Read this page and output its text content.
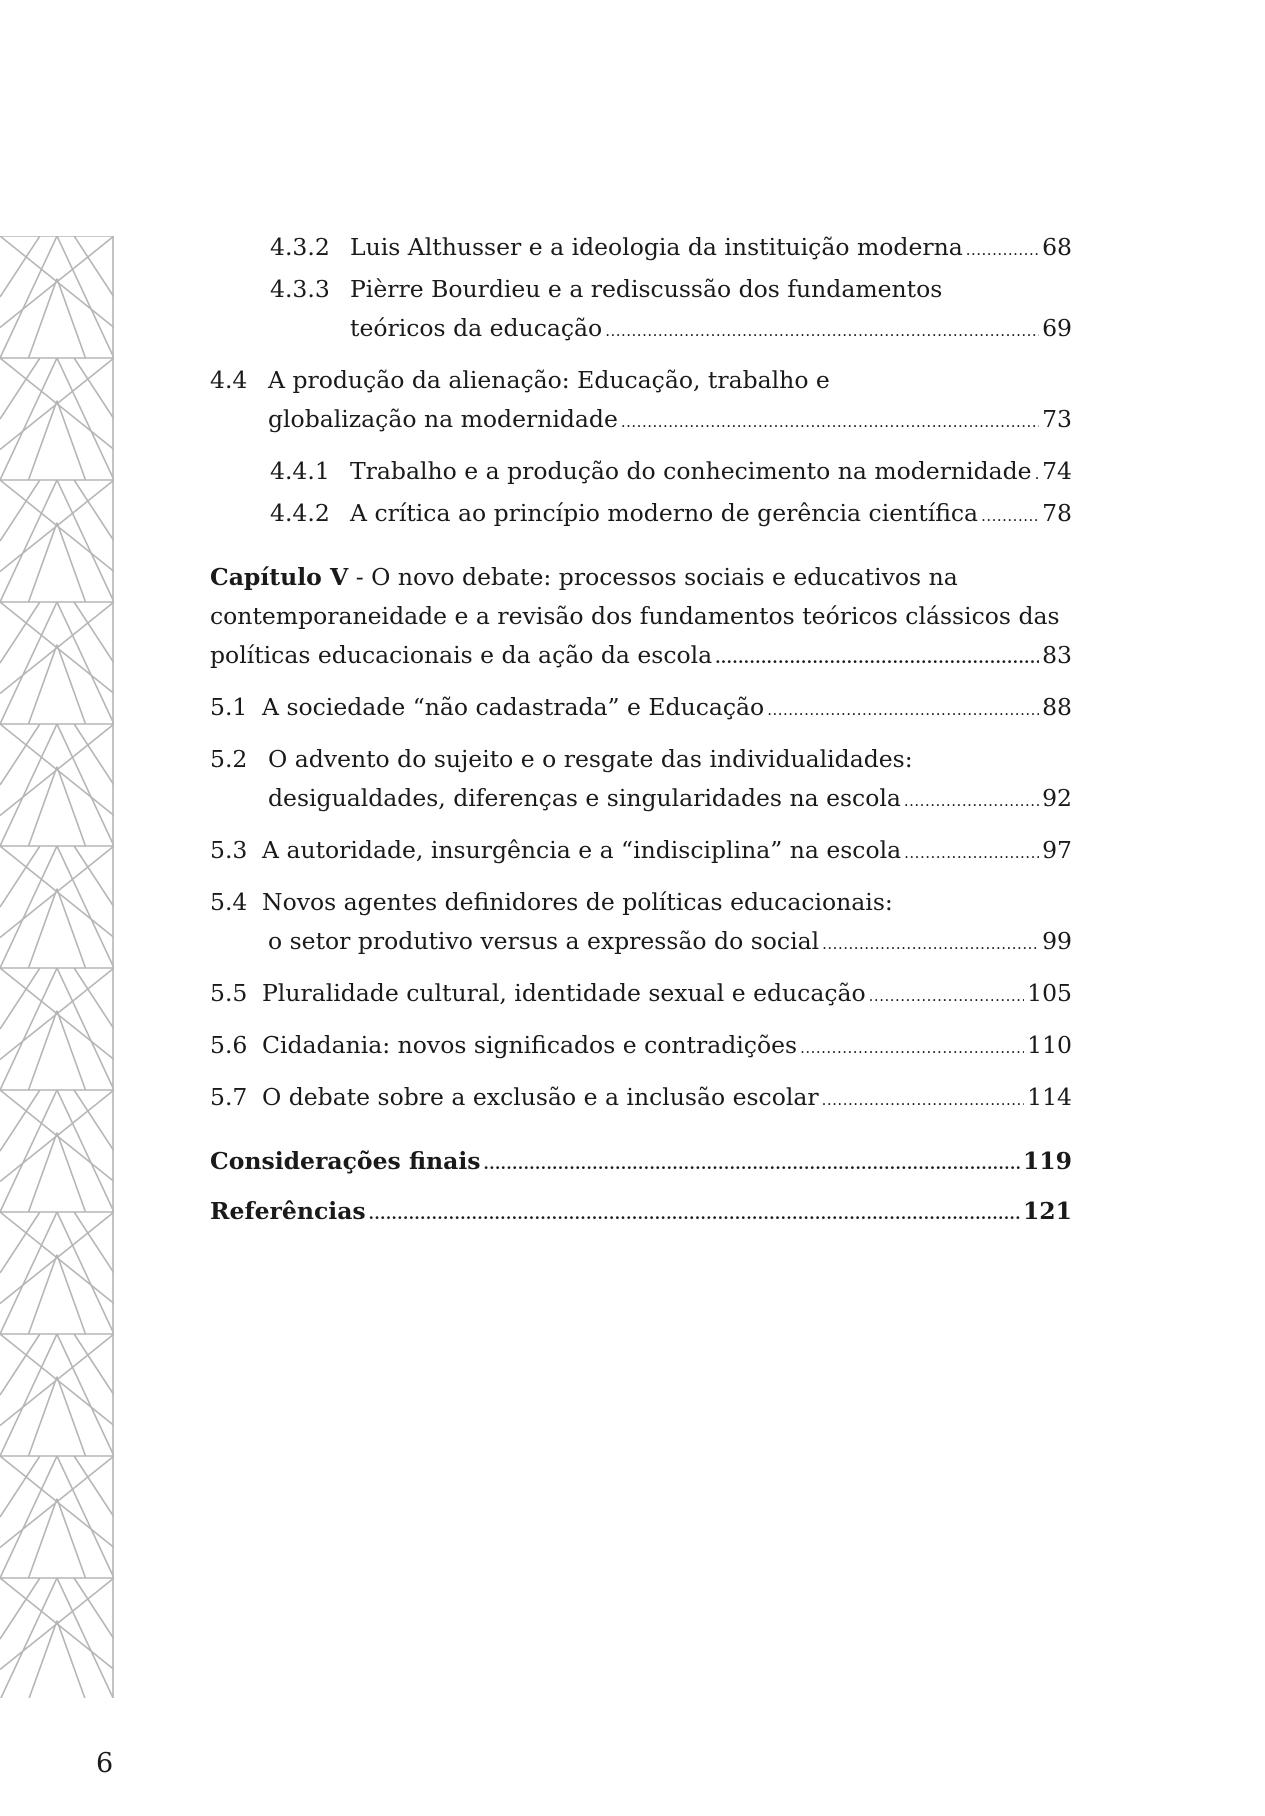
4.3.2 Luis Althusser e a ideologia da instituição moderna .....	68
4.3.3 Pièrre Bourdieu e a rediscussão dos fundamentos
teóricos da educação .....	69
4.4 A produção da alienação: Educação, trabalho e
globalização na modernidade .....	73
4.4.1 Trabalho e a produção do conhecimento na modernidade ..... 74
4.4.2 A crítica ao princípio moderno de gerência científica .....	78
Capítulo V - O novo debate: processos sociais e educativos na
contemporaneidade e a revisão dos fundamentos teóricos clássicos das
políticas educacionais e da ação da escola .....	83
5.1 A sociedade “não cadastrada” e Educação .....	88
5.2 O advento do sujeito e o resgate das individualidades:
desigualdades, diferenças e singularidades na escola .....	92
5.3 A autoridade, insurgência e a “indisciplina” na escola .....	97
5.4 Novos agentes definidores de políticas educacionais:
o setor produtivo versus a expressão do social .....	99
5.5 Pluralidade cultural, identidade sexual e educação .....	105
5.6 Cidadania: novos significados e contradições .....	110
5.7 O debate sobre a exclusão e a inclusão escolar .....	114
Considerações finais .....	119
Referências .....	121
6
